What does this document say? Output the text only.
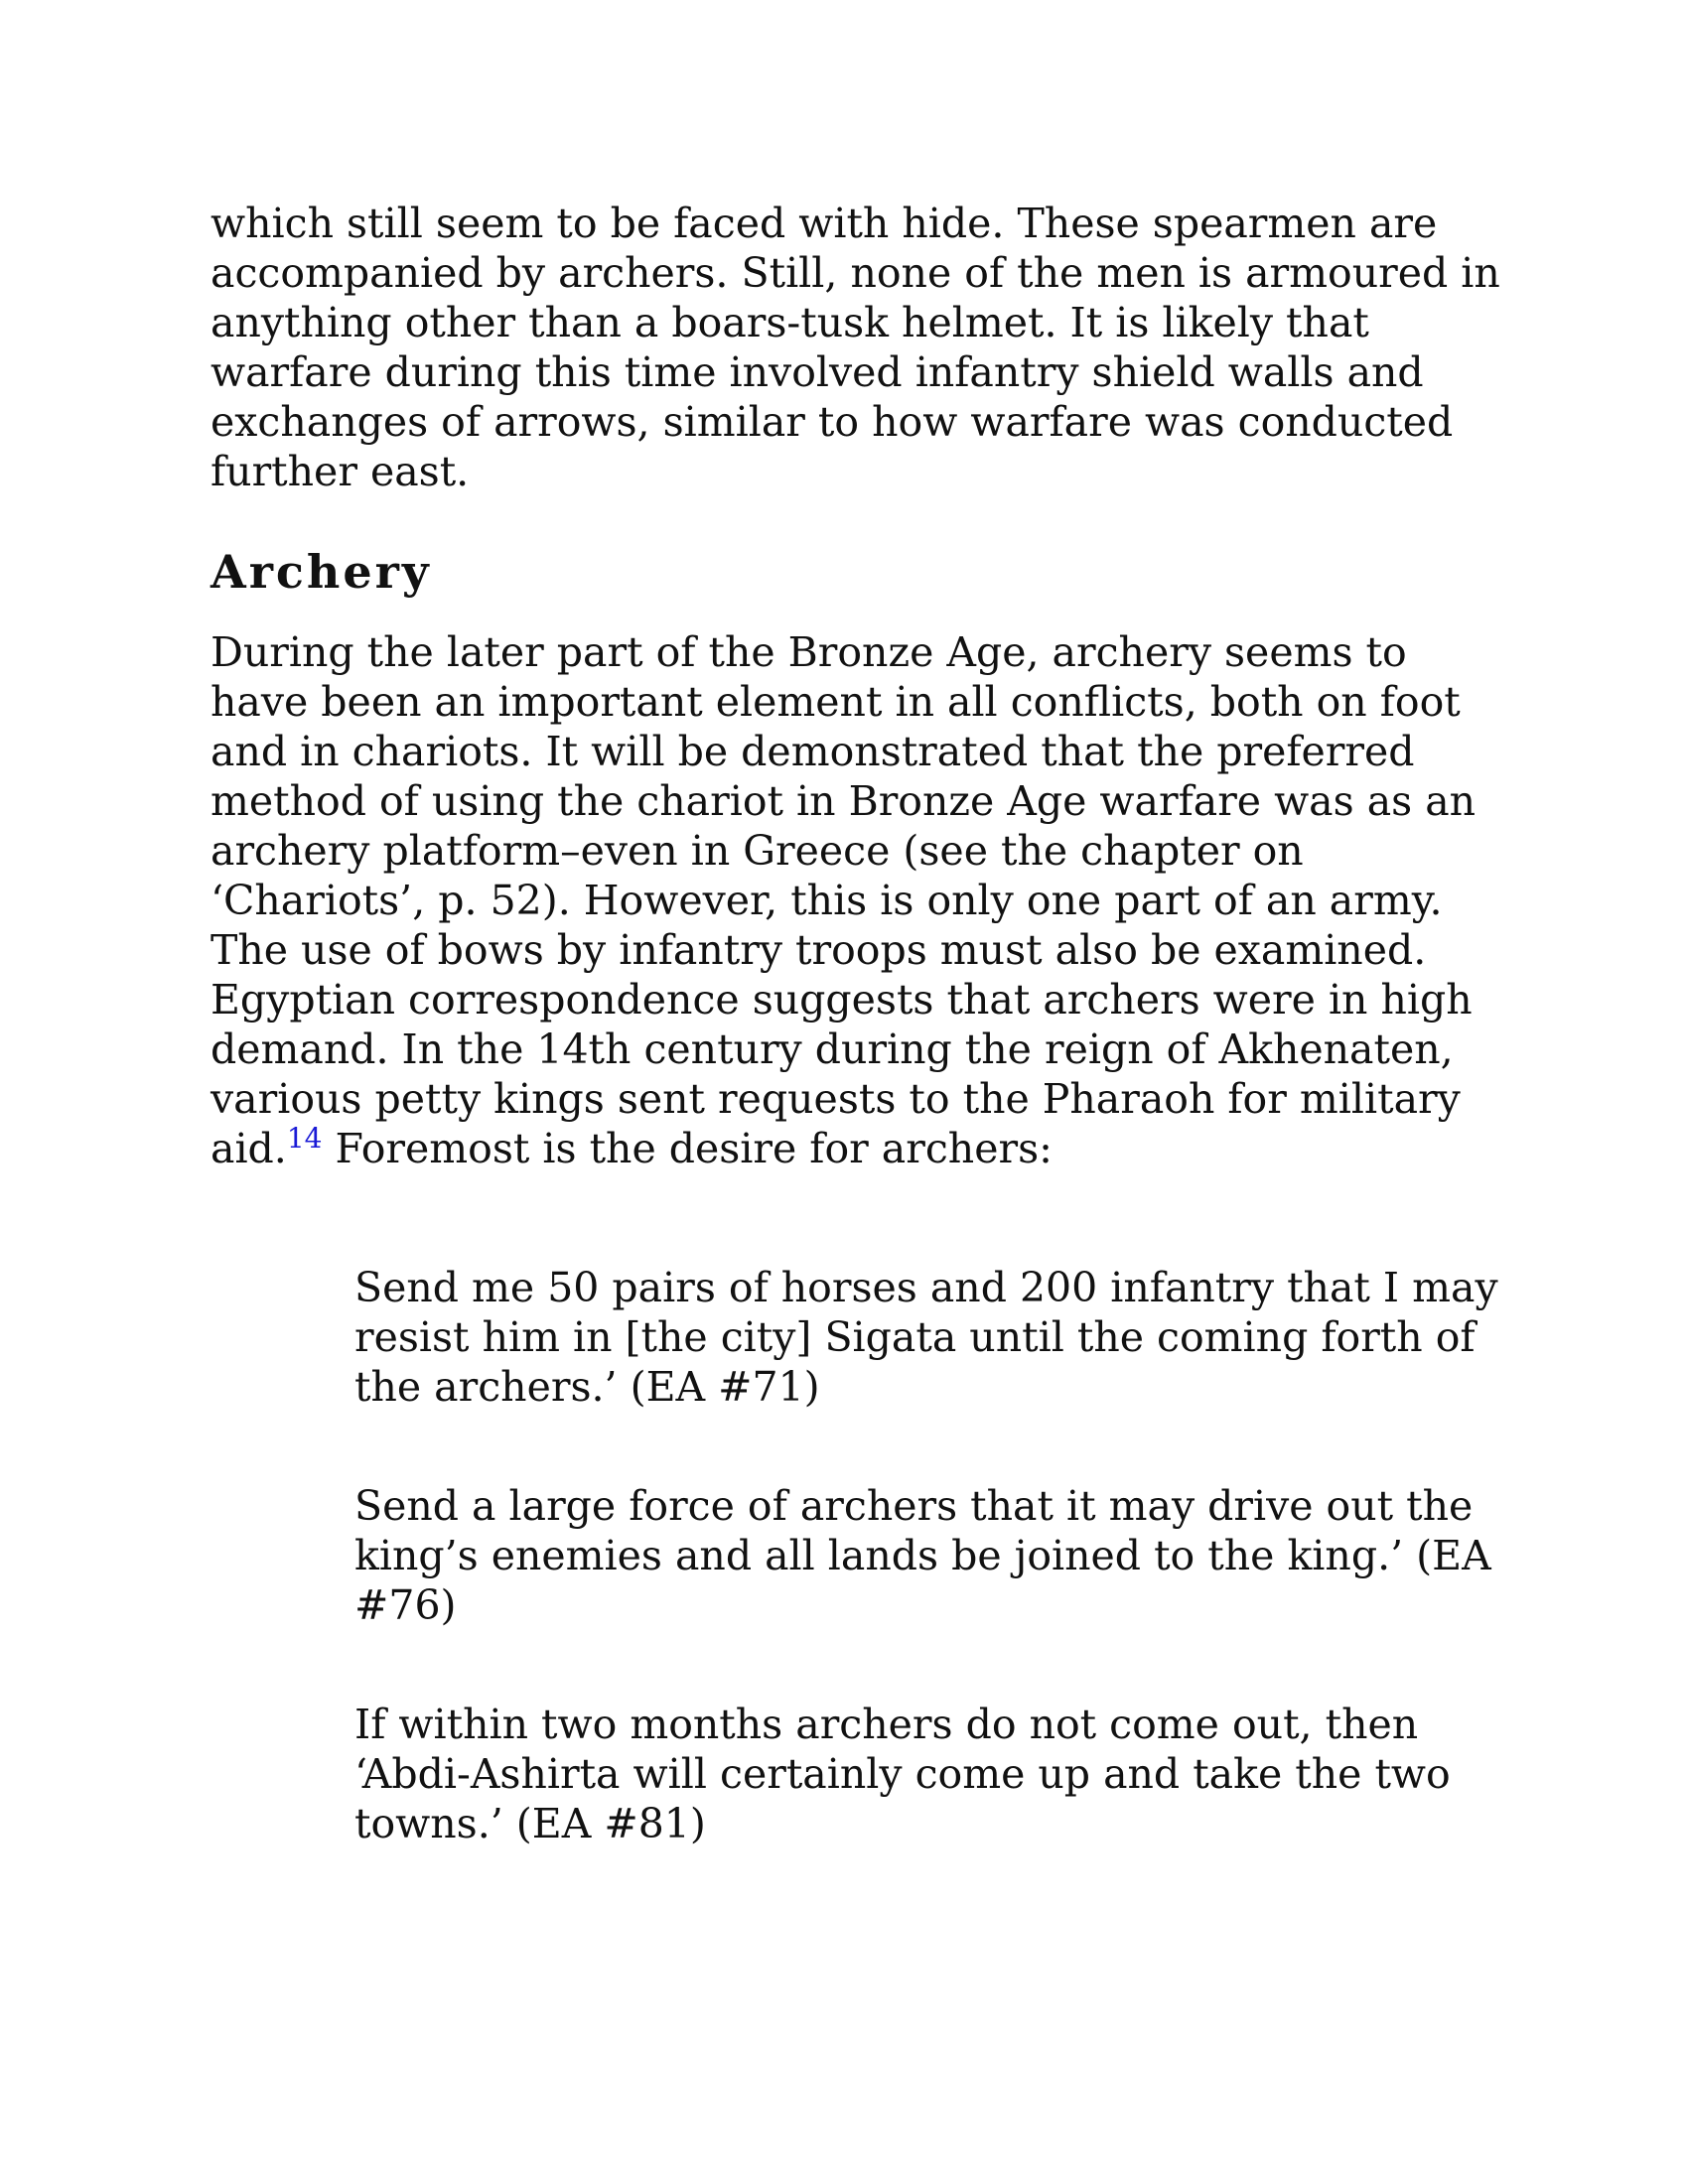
which still seem to be faced with hide. These spearmen are accompanied by archers. Still, none of the men is armoured in anything other than a boars-tusk helmet. It is likely that warfare during this time involved infantry shield walls and exchanges of arrows, similar to how warfare was conducted further east.

Archery

During the later part of the Bronze Age, archery seems to have been an important element in all conflicts, both on foot and in chariots. It will be demonstrated that the preferred method of using the chariot in Bronze Age warfare was as an archery platform–even in Greece (see the chapter on ‘Chariots’, p. 52). However, this is only one part of an army. The use of bows by infantry troops must also be examined. Egyptian correspondence suggests that archers were in high demand. In the 14th century during the reign of Akhenaten, various petty kings sent requests to the Pharaoh for military aid.$^{14}$ Foremost is the desire for archers:

Send me 50 pairs of horses and 200 infantry that I may resist him in [the city] Sigata until the coming forth of the archers.’ (EA #71)

Send a large force of archers that it may drive out the king’s enemies and all lands be joined to the king.’ (EA #76)

If within two months archers do not come out, then ‘Abdi-Ashirta will certainly come up and take the two towns.’ (EA #81)
